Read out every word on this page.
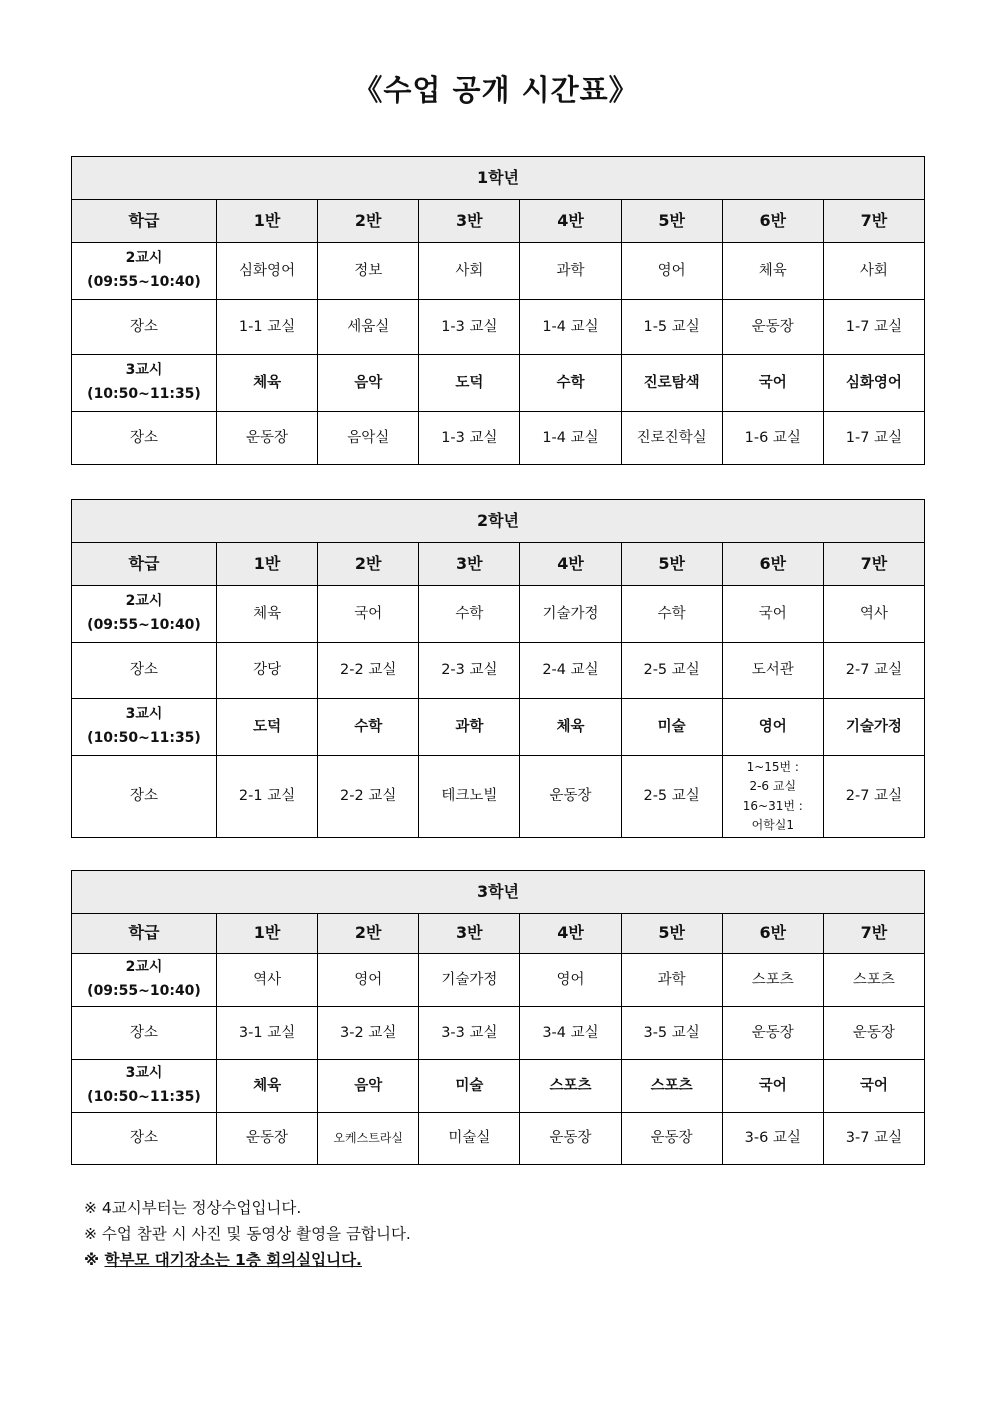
《수업 공개 시간표》
1학년							
학급	1반	2반	3반	4반	5반	6반	7반

2교시
(09:55~10:40)	심화영어	정보	사회	과학	영어	체육	사회
장소	1-1 교실	세움실	1-3 교실	1-4 교실	1-5 교실	운동장	1-7 교실

3교시
(10:50~11:35)	체육	음악	도덕	수학	진로탐색	국어	심화영어
장소	운동장	음악실	1-3 교실	1-4 교실	진로진학실	1-6 교실	1-7 교실
2학년							
학급	1반	2반	3반	4반	5반	6반	7반

2교시
(09:55~10:40)	체육	국어	수학	기술가정	수학	국어	역사
장소	강당	2-2 교실	2-3 교실	2-4 교실	2-5 교실	도서관	2-7 교실

3교시
(10:50~11:35)	도덕	수학	과학	체육	미술	영어	기술가정
장소	2-1 교실	2-2 교실	테크노빌	운동장	2-5 교실	1~15번 :
2-6 교실
16~31번 :
어학실1	2-7 교실
3학년							
학급	1반	2반	3반	4반	5반	6반	7반

2교시
(09:55~10:40)	역사	영어	기술가정	영어	과학	스포츠	스포츠
장소	3-1 교실	3-2 교실	3-3 교실	3-4 교실	3-5 교실	운동장	운동장

3교시
(10:50~11:35)	체육	음악	미술	스포츠	스포츠	국어	국어
장소	운동장	오케스트라실	미술실	운동장	운동장	3-6 교실	3-7 교실
※ 4교시부터는 정상수업입니다.
※ 수업 참관 시 사진 및 동영상 촬영을 금합니다.
※ 학부모 대기장소는 1층 회의실입니다.
